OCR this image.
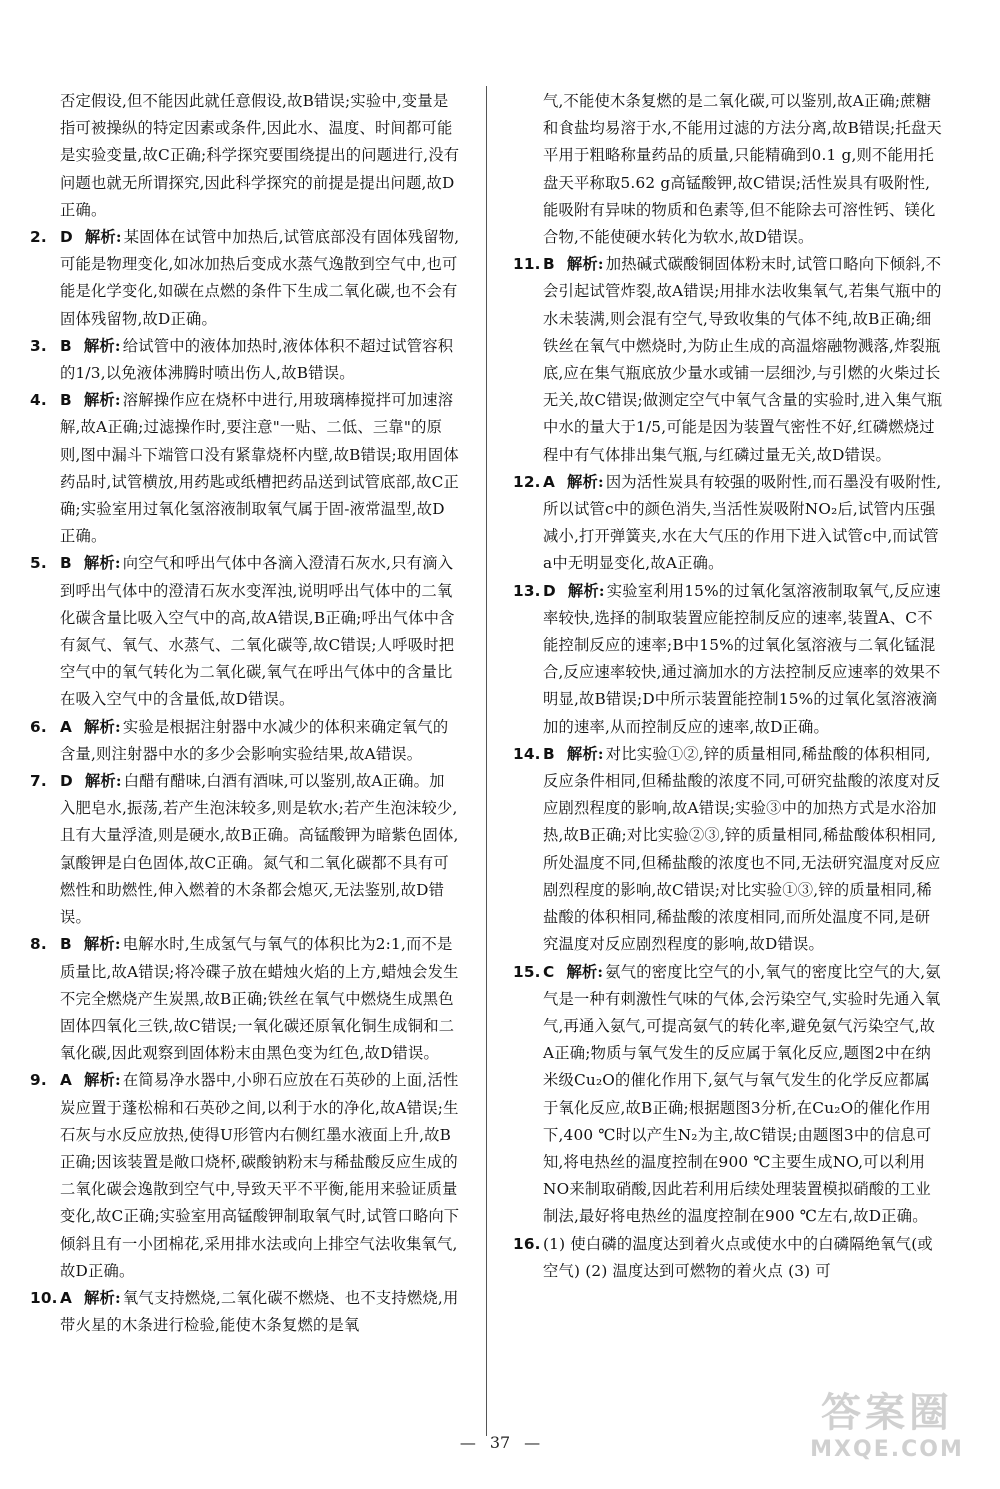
否定假设,但不能因此就任意假设,故B错误;实验中,变量是指可被操纵的特定因素或条件,因此水、温度、时间都可能是实验变量,故C正确;科学探究要围绕提出的问题进行,没有问题也就无所谓探究,因此科学探究的前提是提出问题,故D正确。

2. D 解析: 某固体在试管中加热后,试管底部没有固体残留物,可能是物理变化,如冰加热后变成水蒸气逸散到空气中,也可能是化学变化,如碳在点燃的条件下生成二氧化碳,也不会有固体残留物,故D正确。

3. B 解析: 给试管中的液体加热时,液体体积不超过试管容积的1/3,以免液体沸腾时喷出伤人,故B错误。

4. B 解析: 溶解操作应在烧杯中进行,用玻璃棒搅拌可加速溶解,故A正确;过滤操作时,要注意"一贴、二低、三靠"的原则,图中漏斗下端管口没有紧靠烧杯内壁,故B错误;取用固体药品时,试管横放,用药匙或纸槽把药品送到试管底部,故C正确;实验室用过氧化氢溶液制取氧气属于固-液常温型,故D正确。

5. B 解析: 向空气和呼出气体中各滴入澄清石灰水,只有滴入到呼出气体中的澄清石灰水变浑浊,说明呼出气体中的二氧化碳含量比吸入空气中的高,故A错误,B正确;呼出气体中含有氮气、氧气、水蒸气、二氧化碳等,故C错误;人呼吸时把空气中的氧气转化为二氧化碳,氧气在呼出气体中的含量比在吸入空气中的含量低,故D错误。

6. A 解析: 实验是根据注射器中水减少的体积来确定氧气的含量,则注射器中水的多少会影响实验结果,故A错误。

7. D 解析: 白醋有醋味,白酒有酒味,可以鉴别,故A正确。加入肥皂水,振荡,若产生泡沫较多,则是软水;若产生泡沫较少,且有大量浮渣,则是硬水,故B正确。高锰酸钾为暗紫色固体,氯酸钾是白色固体,故C正确。氮气和二氧化碳都不具有可燃性和助燃性,伸入燃着的木条都会熄灭,无法鉴别,故D错误。

8. B 解析: 电解水时,生成氢气与氧气的体积比为2:1,而不是质量比,故A错误;将冷碟子放在蜡烛火焰的上方,蜡烛会发生不完全燃烧产生炭黑,故B正确;铁丝在氧气中燃烧生成黑色固体四氧化三铁,故C错误;一氧化碳还原氧化铜生成铜和二氧化碳,因此观察到固体粉末由黑色变为红色,故D错误。

9. A 解析: 在简易净水器中,小卵石应放在石英砂的上面,活性炭应置于蓬松棉和石英砂之间,以利于水的净化,故A错误;生石灰与水反应放热,使得U形管内右侧红墨水液面上升,故B正确;因该装置是敞口烧杯,碳酸钠粉末与稀盐酸反应生成的二氧化碳会逸散到空气中,导致天平不平衡,能用来验证质量变化,故C正确;实验室用高锰酸钾制取氧气时,试管口略向下倾斜且有一小团棉花,采用排水法或向上排空气法收集氧气,故D正确。

10. A 解析: 氧气支持燃烧,二氧化碳不燃烧、也不支持燃烧,用带火星的木条进行检验,能使木条复燃的是氧

气,不能使木条复燃的是二氧化碳,可以鉴别,故A正确;蔗糖和食盐均易溶于水,不能用过滤的方法分离,故B错误;托盘天平用于粗略称量药品的质量,只能精确到0.1 g,则不能用托盘天平称取5.62 g高锰酸钾,故C错误;活性炭具有吸附性,能吸附有异味的物质和色素等,但不能除去可溶性钙、镁化合物,不能使硬水转化为软水,故D错误。

11. B 解析: 加热碱式碳酸铜固体粉末时,试管口略向下倾斜,不会引起试管炸裂,故A错误;用排水法收集氧气,若集气瓶中的水未装满,则会混有空气,导致收集的气体不纯,故B正确;细铁丝在氧气中燃烧时,为防止生成的高温熔融物溅落,炸裂瓶底,应在集气瓶底放少量水或铺一层细沙,与引燃的火柴过长无关,故C错误;做测定空气中氧气含量的实验时,进入集气瓶中水的量大于1/5,可能是因为装置气密性不好,红磷燃烧过程中有气体排出集气瓶,与红磷过量无关,故D错误。

12. A 解析: 因为活性炭具有较强的吸附性,而石墨没有吸附性,所以试管c中的颜色消失,当活性炭吸附NO₂后,试管内压强减小,打开弹簧夹,水在大气压的作用下进入试管c中,而试管a中无明显变化,故A正确。

13. D 解析: 实验室利用15%的过氧化氢溶液制取氧气,反应速率较快,选择的制取装置应能控制反应的速率,装置A、C不能控制反应的速率;B中15%的过氧化氢溶液与二氧化锰混合,反应速率较快,通过滴加水的方法控制反应速率的效果不明显,故B错误;D中所示装置能控制15%的过氧化氢溶液滴加的速率,从而控制反应的速率,故D正确。

14. B 解析: 对比实验①②,锌的质量相同,稀盐酸的体积相同,反应条件相同,但稀盐酸的浓度不同,可研究盐酸的浓度对反应剧烈程度的影响,故A错误;实验③中的加热方式是水浴加热,故B正确;对比实验②③,锌的质量相同,稀盐酸体积相同,所处温度不同,但稀盐酸的浓度也不同,无法研究温度对反应剧烈程度的影响,故C错误;对比实验①③,锌的质量相同,稀盐酸的体积相同,稀盐酸的浓度相同,而所处温度不同,是研究温度对反应剧烈程度的影响,故D错误。

15. C 解析: 氨气的密度比空气的小,氧气的密度比空气的大,氨气是一种有刺激性气味的气体,会污染空气,实验时先通入氧气,再通入氨气,可提高氨气的转化率,避免氨气污染空气,故A正确;物质与氧气发生的反应属于氧化反应,题图2中在纳米级Cu₂O的催化作用下,氨气与氧气发生的化学反应都属于氧化反应,故B正确;根据题图3分析,在Cu₂O的催化作用下,400 ℃时以产生N₂为主,故C错误;由题图3中的信息可知,将电热丝的温度控制在900 ℃主要生成NO,可以利用NO来制取硝酸,因此若利用后续处理装置模拟硝酸的工业制法,最好将电热丝的温度控制在900 ℃左右,故D正确。

16. (1) 使白磷的温度达到着火点或使水中的白磷隔绝氧气(或空气) (2) 温度达到可燃物的着火点 (3) 可

— 37 —
答案圈
MXQE.COM
